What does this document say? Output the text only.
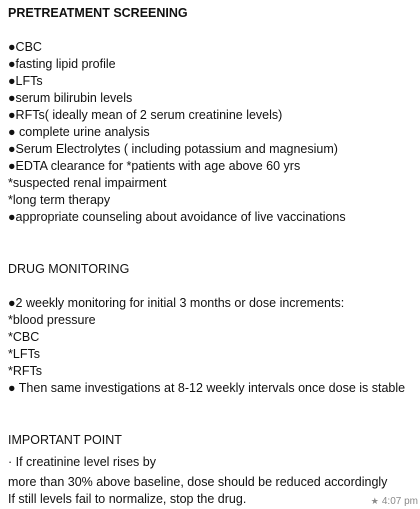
PRETREATMENT SCREENING
●CBC
●fasting lipid profile
●LFTs
●serum bilirubin levels
●RFTs( ideally mean of 2 serum creatinine levels)
● complete urine analysis
●Serum Electrolytes ( including potassium and magnesium)
●EDTA clearance for *patients with age above 60 yrs
*suspected renal impairment
*long term therapy
●appropriate counseling about avoidance of live vaccinations
DRUG MONITORING
●2 weekly monitoring for initial 3 months or dose increments:
*blood pressure
*CBC
*LFTs
*RFTs
● Then same investigations at 8-12 weekly intervals once dose is stable
IMPORTANT POINT
· If creatinine level rises by
more than 30% above baseline, dose should be reduced accordingly
If still levels fail to normalize, stop the drug.	★ 4:07 pm
